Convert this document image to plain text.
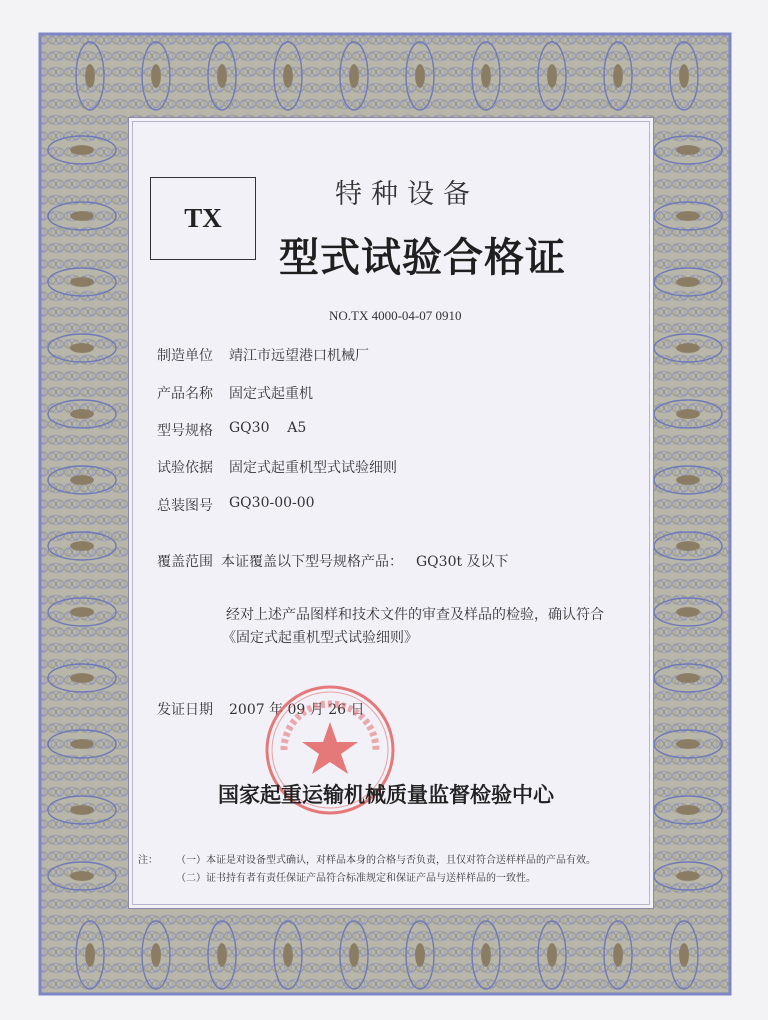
TX
特种设备
型式试验合格证
NO.TX 4000-04-07 0910
制造单位 靖江市远望港口机械厂
产品名称 固定式起重机
型号规格 GQ30    A5
试验依据 固定式起重机型式试验细则
总装图号 GQ30-00-00
覆盖范围 本证覆盖以下型号规格产品： GQ30t 及以下
经对上述产品图样和技术文件的审查及样品的检验，确认符合
《固定式起重机型式试验细则》
发证日期 2007 年 09 月 26 日
国家起重运输机械质量监督检验中心
注： （一）本证是对设备型式确认，对样品本身的合格与否负责，且仅对符合送样样品的产品有效。
（二）证书持有者有责任保证产品符合标准规定和保证产品与送样样品的一致性。
